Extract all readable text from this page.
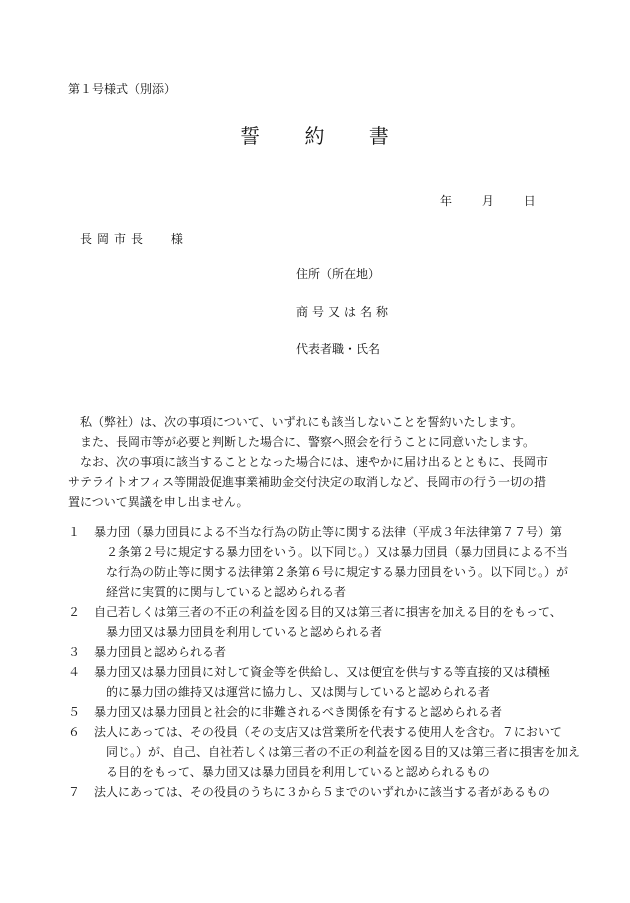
第１号様式（別添）
誓 約 書
年 月 日
長岡市長 様
住所（所在地）
商号又は名称
代表者職・氏名

私（弊社）は、次の事項について、いずれにも該当しないことを誓約いたします。

また、長岡市等が必要と判断した場合に、警察へ照会を行うことに同意いたします。

なお、次の事項に該当することとなった場合には、速やかに届け出るとともに、長岡市

サテライトオフィス等開設促進事業補助金交付決定の取消しなど、長岡市の行う一切の措

置について異議を申し出ません。

１	暴力団（暴力団員による不当な行為の防止等に関する法律（平成３年法律第７７号）第
２条第２号に規定する暴力団をいう。以下同じ。）又は暴力団員（暴力団員による不当
な行為の防止等に関する法律第２条第６号に規定する暴力団員をいう。以下同じ。）が
経営に実質的に関与していると認められる者
２	自己若しくは第三者の不正の利益を図る目的又は第三者に損害を加える目的をもって、
暴力団又は暴力団員を利用していると認められる者
３	暴力団員と認められる者
４	暴力団又は暴力団員に対して資金等を供給し、又は便宜を供与する等直接的又は積極
的に暴力団の維持又は運営に協力し、又は関与していると認められる者
５	暴力団又は暴力団員と社会的に非難されるべき関係を有すると認められる者
６	法人にあっては、その役員（その支店又は営業所を代表する使用人を含む。７において
同じ。）が、自己、自社若しくは第三者の不正の利益を図る目的又は第三者に損害を加え
る目的をもって、暴力団又は暴力団員を利用していると認められるもの
７	法人にあっては、その役員のうちに３から５までのいずれかに該当する者があるもの
